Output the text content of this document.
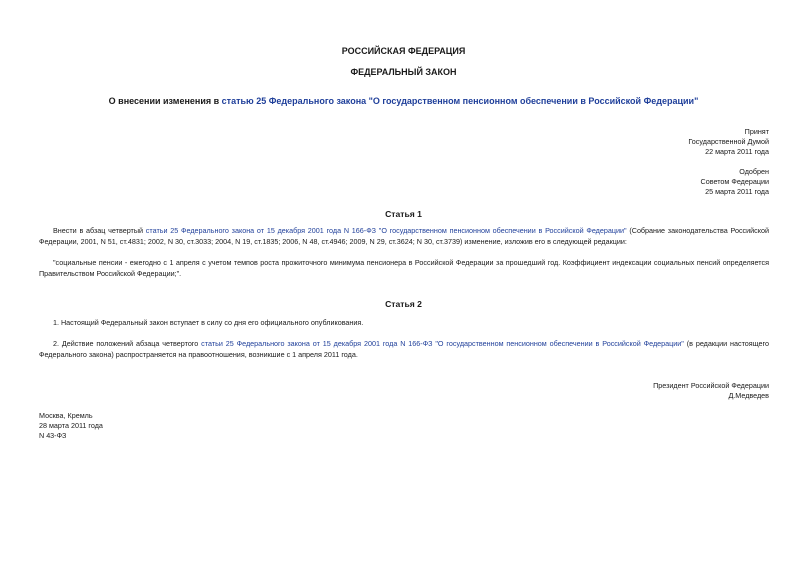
РОССИЙСКАЯ ФЕДЕРАЦИЯ
ФЕДЕРАЛЬНЫЙ ЗАКОН
О внесении изменения в статью 25 Федерального закона "О государственном пенсионном обеспечении в Российской Федерации"
Принят
Государственной Думой
22 марта 2011 года
Одобрен
Советом Федерации
25 марта 2011 года
Статья 1
Внести в абзац четвертый статьи 25 Федерального закона от 15 декабря 2001 года N 166-ФЗ "О государственном пенсионном обеспечении в Российской Федерации" (Собрание законодательства Российской Федерации, 2001, N 51, ст.4831; 2002, N 30, ст.3033; 2004, N 19, ст.1835; 2006, N 48, ст.4946; 2009, N 29, ст.3624; N 30, ст.3739) изменение, изложив его в следующей редакции:
"социальные пенсии - ежегодно с 1 апреля с учетом темпов роста прожиточного минимума пенсионера в Российской Федерации за прошедший год. Коэффициент индексации социальных пенсий определяется Правительством Российской Федерации;".
Статья 2
1. Настоящий Федеральный закон вступает в силу со дня его официального опубликования.
2. Действие положений абзаца четвертого статьи 25 Федерального закона от 15 декабря 2001 года N 166-ФЗ "О государственном пенсионном обеспечении в Российской Федерации" (в редакции настоящего Федерального закона) распространяется на правоотношения, возникшие с 1 апреля 2011 года.
Президент Российской Федерации
Д.Медведев
Москва, Кремль
28 марта 2011 года
N 43-ФЗ
